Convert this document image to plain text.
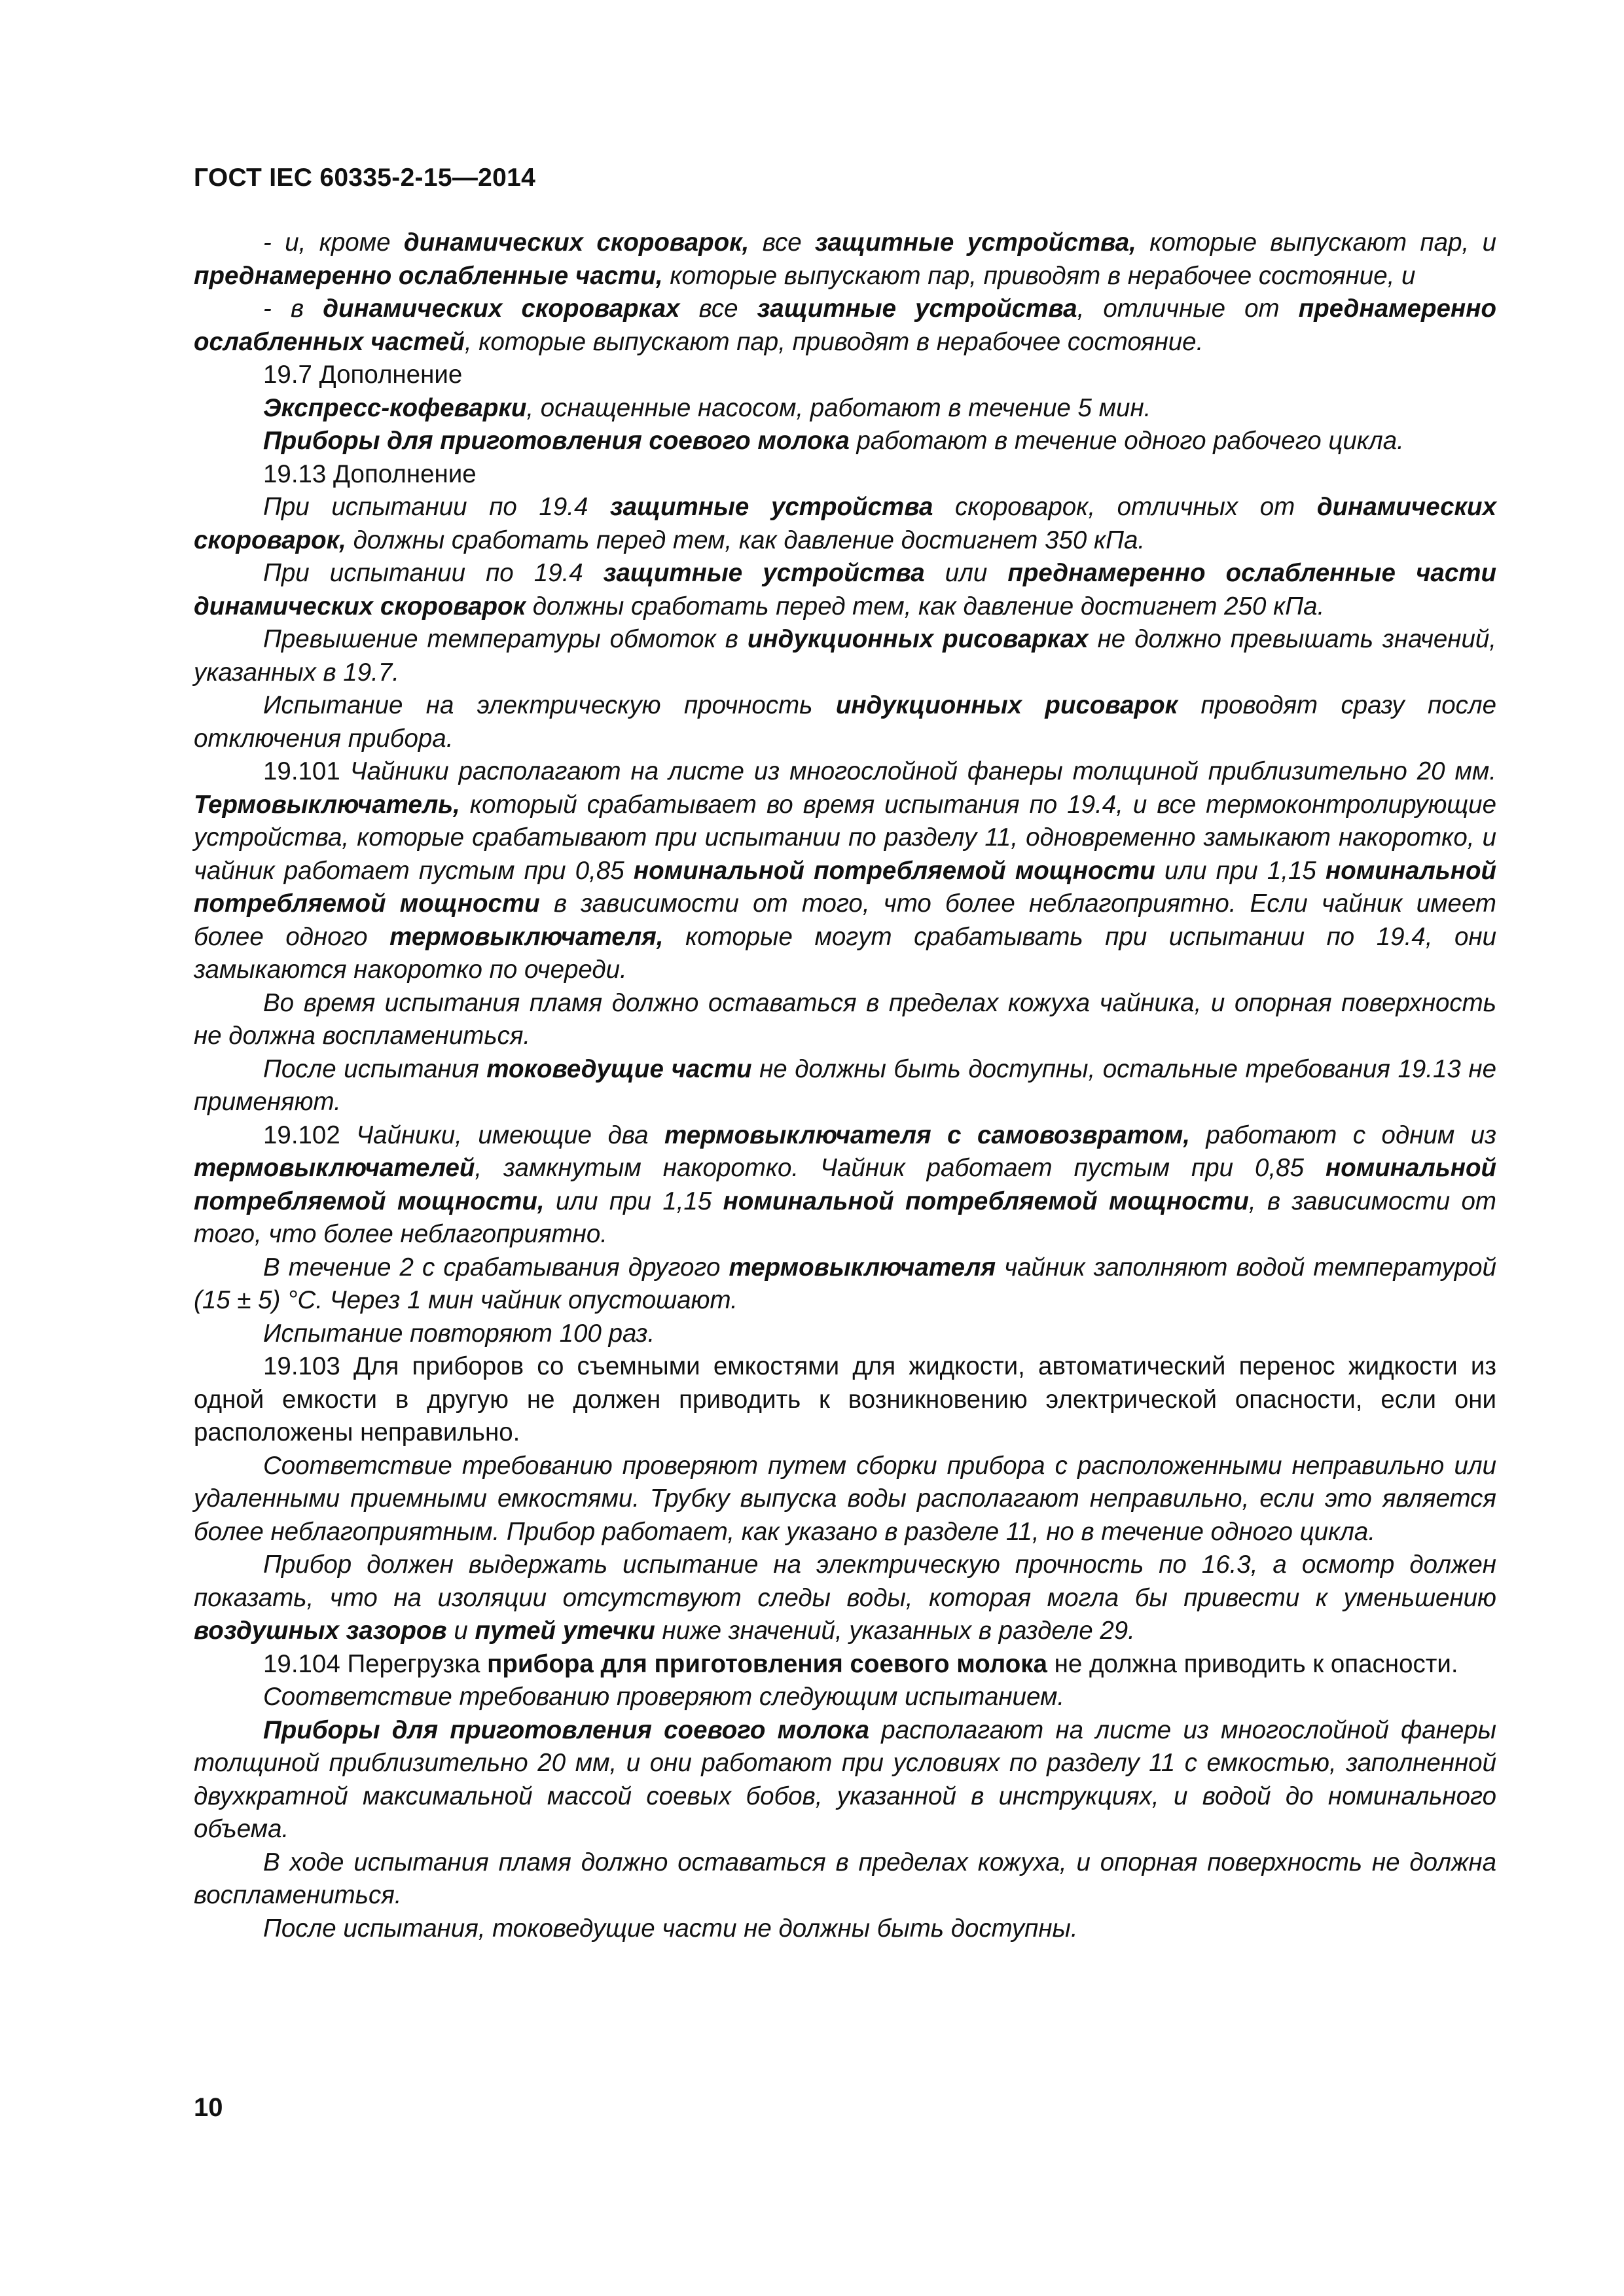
ГОСТ IEC 60335-2-15—2014

- и, кроме динамических скороварок, все защитные устройства, которые выпускают пар, и преднамеренно ослабленные части, которые выпускают пар, приводят в нерабочее состояние, и

- в динамических скороварках все защитные устройства, отличные от преднамеренно ослабленных частей, которые выпускают пар, приводят в нерабочее состояние.

19.7 Дополнение

Экспресс-кофеварки, оснащенные насосом, работают в течение 5 мин.

Приборы для приготовления соевого молока работают в течение одного рабочего цикла.

19.13 Дополнение

При испытании по 19.4 защитные устройства скороварок, отличных от динамических скороварок, должны сработать перед тем, как давление достигнет 350 кПа.

При испытании по 19.4 защитные устройства или преднамеренно ослабленные части динамических скороварок должны сработать перед тем, как давление достигнет 250 кПа.

Превышение температуры обмоток в индукционных рисоварках не должно превышать значений, указанных в 19.7.

Испытание на электрическую прочность индукционных рисоварок проводят сразу после отключения прибора.

19.101 Чайники располагают на листе из многослойной фанеры толщиной приблизительно 20 мм. Термовыключатель, который срабатывает во время испытания по 19.4, и все термоконтролирующие устройства, которые срабатывают при испытании по разделу 11, одновременно замыкают накоротко, и чайник работает пустым при 0,85 номинальной потребляемой мощности или при 1,15 номинальной потребляемой мощности в зависимости от того, что более неблагоприятно. Если чайник имеет более одного термовыключателя, которые могут срабатывать при испытании по 19.4, они замыкаются накоротко по очереди.

Во время испытания пламя должно оставаться в пределах кожуха чайника, и опорная поверхность не должна воспламениться.

После испытания токоведущие части не должны быть доступны, остальные требования 19.13 не применяют.

19.102 Чайники, имеющие два термовыключателя с самовозвратом, работают с одним из термовыключателей, замкнутым накоротко. Чайник работает пустым при 0,85 номинальной потребляемой мощности, или при 1,15 номинальной потребляемой мощности, в зависимости от того, что более неблагоприятно.

В течение 2 с срабатывания другого термовыключателя чайник заполняют водой температурой (15 ± 5) °С. Через 1 мин чайник опустошают.

Испытание повторяют 100 раз.

19.103 Для приборов со съемными емкостями для жидкости, автоматический перенос жидкости из одной емкости в другую не должен приводить к возникновению электрической опасности, если они расположены неправильно.

Соответствие требованию проверяют путем сборки прибора с расположенными неправильно или удаленными приемными емкостями. Трубку выпуска воды располагают неправильно, если это является более неблагоприятным. Прибор работает, как указано в разделе 11, но в течение одного цикла.

Прибор должен выдержать испытание на электрическую прочность по 16.3, а осмотр должен показать, что на изоляции отсутствуют следы воды, которая могла бы привести к уменьшению воздушных зазоров и путей утечки ниже значений, указанных в разделе 29.

19.104 Перегрузка прибора для приготовления соевого молока не должна приводить к опасности.

Соответствие требованию проверяют следующим испытанием.

Приборы для приготовления соевого молока располагают на листе из многослойной фанеры толщиной приблизительно 20 мм, и они работают при условиях по разделу 11 с емкостью, заполненной двухкратной максимальной массой соевых бобов, указанной в инструкциях, и водой до номинального объема.

В ходе испытания пламя должно оставаться в пределах кожуха, и опорная поверхность не должна воспламениться.

После испытания, токоведущие части не должны быть доступны.

10
